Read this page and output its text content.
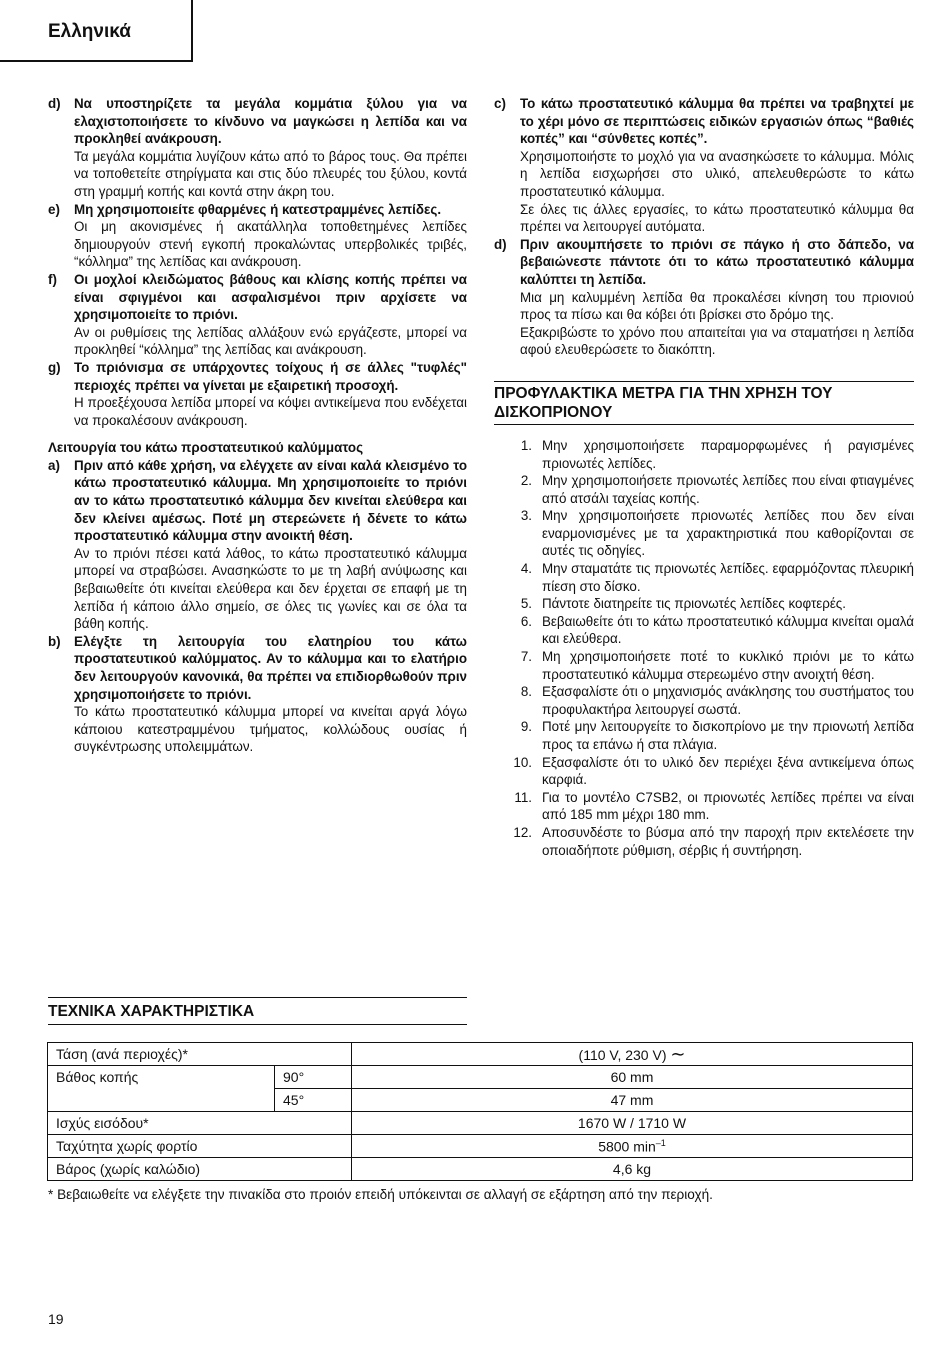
Ελληνικά
d) Να υποστηρίζετε τα μεγάλα κομμάτια ξύλου για να ελαχιστοποιήσετε το κίνδυνο να μαγκώσει η λεπίδα και να προκληθεί ανάκρουση.
Τα μεγάλα κομμάτια λυγίζουν κάτω από το βάρος τους. Θα πρέπει να τοποθετείτε στηρίγματα και στις δύο πλευρές του ξύλου, κοντά στη γραμμή κοπής και κοντά στην άκρη του.
e)	Μη χρησιμοποιείτε φθαρμένες ή κατεστραμμένες λεπίδες.
Οι μη ακονισμένες ή ακατάλληλα τοποθετημένες λεπίδες δημιουργούν στενή εγκοπή προκαλώντας υπερβολικές τριβές, “κόλλημα” της λεπίδας και ανάκρουση.
f)	Οι μοχλοί κλειδώματος βάθους και κλίσης κοπής πρέπει να είναι σφιγμένοι και ασφαλισμένοι πριν αρχίσετε να χρησιμοποιείτε το πριόνι.
Αν οι ρυθμίσεις της λεπίδας αλλάξουν ενώ εργάζεστε, μπορεί να προκληθεί “κόλλημα” της λεπίδας και ανάκρουση.
g) Το πριόνισμα σε υπάρχοντες τοίχους ή σε άλλες "τυφλές" περιοχές πρέπει να γίνεται με εξαιρετική προσοχή.
Η προεξέχουσα λεπίδα μπορεί να κόψει αντικείμενα που ενδέχεται να προκαλέσουν ανάκρουση.
Λειτουργία του κάτω προστατευτικού καλύμματος
a)	Πριν από κάθε χρήση, να ελέγχετε αν είναι καλά κλεισμένο το κάτω προστατευτικό κάλυμμα. Μη χρησιμοποιείτε το πριόνι αν το κάτω προστατευτικό κάλυμμα δεν κινείται ελεύθερα και δεν κλείνει αμέσως. Ποτέ μη στερεώνετε ή δένετε το κάτω προστατευτικό κάλυμμα στην ανοικτή θέση.
Αν το πριόνι πέσει κατά λάθος, το κάτω προστατευτικό κάλυμμα μπορεί να στραβώσει. Ανασηκώστε το με τη λαβή ανύψωσης και βεβαιωθείτε ότι κινείται ελεύθερα και δεν έρχεται σε επαφή με τη λεπίδα ή κάποιο άλλο σημείο, σε όλες τις γωνίες και σε όλα τα βάθη κοπής.
b) Ελέγξτε τη λειτουργία του ελατηρίου του κάτω προστατευτικού καλύμματος. Αν το κάλυμμα και το ελατήριο δεν λειτουργούν κανονικά, θα πρέπει να επιδιορθωθούν πριν χρησιμοποιήσετε το πριόνι.
Το κάτω προστατευτικό κάλυμμα μπορεί να κινείται αργά λόγω κάποιου κατεστραμμένου τμήματος, κολλώδους ουσίας ή συγκέντρωσης υπολειμμάτων.
c)	Το κάτω προστατευτικό κάλυμμα θα πρέπει να τραβηχτεί με το χέρι μόνο σε περιπτώσεις ειδικών εργασιών όπως “βαθιές κοπές” και “σύνθετες κοπές”.
Χρησιμοποιήστε το μοχλό για να ανασηκώσετε το κάλυμμα. Μόλις η λεπίδα εισχωρήσει στο υλικό, απελευθερώστε το κάτω προστατευτικό κάλυμμα.
Σε όλες τις άλλες εργασίες, το κάτω προστατευτικό κάλυμμα θα πρέπει να λειτουργεί αυτόματα.
d) Πριν ακουμπήσετε το πριόνι σε πάγκο ή στο δάπεδο, να βεβαιώνεστε πάντοτε ότι το κάτω προστατευτικό κάλυμμα καλύπτει τη λεπίδα.
Μια μη καλυμμένη λεπίδα θα προκαλέσει κίνηση του πριονιού προς τα πίσω και θα κόβει ότι βρίσκει στο δρόμο της.
Εξακριβώστε το χρόνο που απαιτείται για να σταματήσει η λεπίδα αφού ελευθερώσετε το διακόπτη.
ΠΡΟΦΥΛΑΚΤΙΚΑ ΜΕΤΡΑ ΓΙΑ ΤΗΝ ΧΡΗΣΗ ΤΟΥ ΔΙΣΚΟΠΡΙΟΝΟΥ
1. Μην χρησιμοποιήσετε παραμορφωμένες ή ραγισμένες πριονωτές λεπίδες.
2. Μην χρησιμοποιήσετε πριονωτές λεπίδες που είναι φτιαγμένες από ατσάλι ταχείας κοπής.
3. Μην χρησιμοποιήσετε πριονωτές λεπίδες που δεν είναι εναρμονισμένες με τα χαρακτηριστικά που καθορίζονται σε αυτές τις οδηγίες.
4. Μην σταματάτε τις πριονωτές λεπίδες. εφαρμόζοντας πλευρική πίεση στο δίσκο.
5. Πάντοτε διατηρείτε τις πριονωτές λεπίδες κοφτερές.
6. Βεβαιωθείτε ότι το κάτω προστατευτικό κάλυμμα κινείται ομαλά και ελεύθερα.
7. Μη χρησιμοποιήσετε ποτέ το κυκλικό πριόνι με το κάτω προστατευτικό κάλυμμα στερεωμένο στην ανοιχτή θέση.
8. Εξασφαλίστε ότι ο μηχανισμός ανάκλησης του συστήματος του προφυλακτήρα λειτουργεί σωστά.
9. Ποτέ μην λειτουργείτε το δισκοπρίονο με την πριονωτή λεπίδα προς τα επάνω ή στα πλάγια.
10. Εξασφαλίστε ότι το υλικό δεν περιέχει ξένα αντικείμενα όπως καρφιά.
11. Για το μοντέλο C7SB2, οι πριονωτές λεπίδες πρέπει να είναι από 185 mm μέχρι 180 mm.
12. Αποσυνδέστε το βύσμα από την παροχή πριν εκτελέσετε την οποιαδήποτε ρύθμιση, σέρβις ή συντήρηση.
ΤΕΧΝΙΚΑ ΧΑΡΑΚΤΗΡΙΣΤΙΚΑ
Τάση (ανά περιοχές)*		(110 V, 230 V) ∼
Βάθος κοπής	90°	60 mm
	45°	47 mm
Ισχύς εισόδου*		1670 W / 1710 W
Ταχύτητα χωρίς φορτίο		5800 $\min^{-1}$
Βάρος (χωρίς καλώδιο)		4,6 kg
* Βεβαιωθείτε να ελέγξετε την πινακίδα στο προιόν επειδή υπόκεινται σε αλλαγή σε εξάρτηση από την περιοχή.
19
